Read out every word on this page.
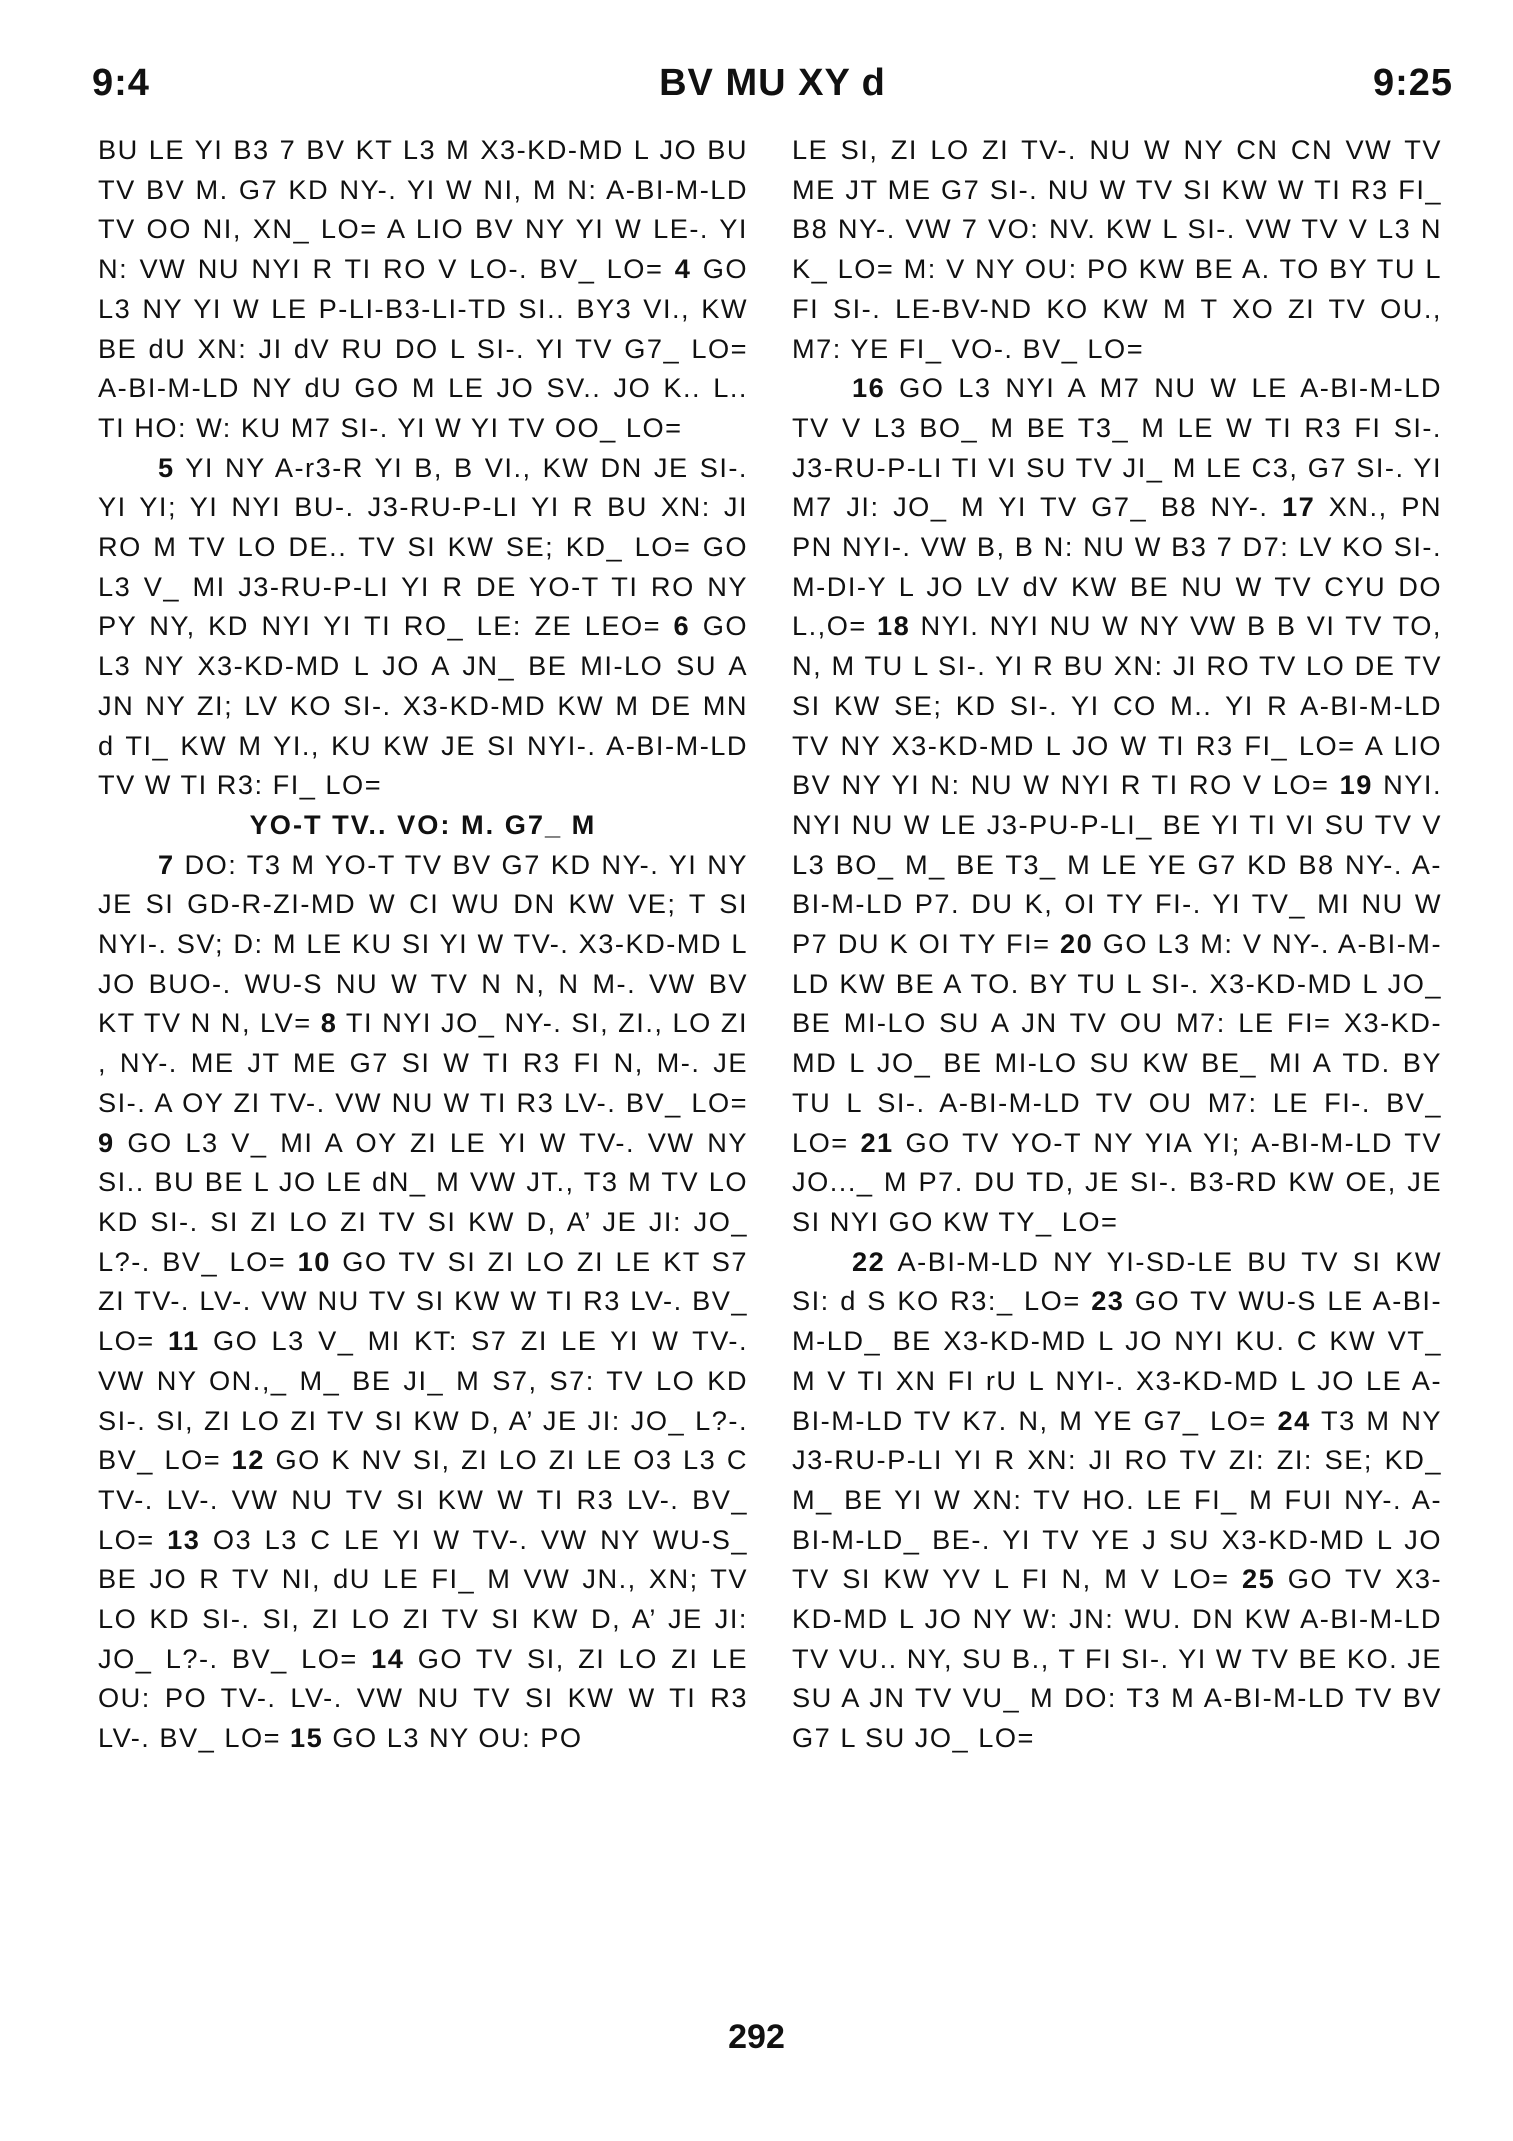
BV MU XY d
9:4	9:25

BU LE YI B3 7 BV KT L3 M X3-KD-MD L JO BU TV BV M. G7 KD NY-. YI W NI, M N: A-BI-M-LD TV OO NI, XN_ LO= A LIO BV NY YI W LE-. YI N: VW NU NYI R TI RO V LO-. BV_ LO= 4 GO L3 NY YI W LE P-LI-B3-LI-TD SI.. BY3 VI., KW BE dU XN: JI dV RU DO L SI-. YI TV G7_ LO= A-BI-M-LD NY dU GO M LE JO SV.. JO K.. L.. TI HO: W: KU M7 SI-. YI W YI TV OO_ LO=

5 YI NY A-r3-R YI B, B VI., KW DN JE SI-. YI YI; YI NYI BU-. J3-RU-P-LI YI R BU XN: JI RO M TV LO DE.. TV SI KW SE; KD_ LO= GO L3 V_ MI J3-RU-P-LI YI R DE YO-T TI RO NY PY NY, KD NYI YI TI RO_ LE: ZE LEO= 6 GO L3 NY X3-KD-MD L JO A JN_ BE MI-LO SU A JN NY ZI; LV KO SI-. X3-KD-MD KW M DE MN d TI_ KW M YI., KU KW JE SI NYI-. A-BI-M-LD TV W TI R3: FI_ LO=

YO-T TV.. VO: M. G7_ M

7 DO: T3 M YO-T TV BV G7 KD NY-. YI NY JE SI GD-R-ZI-MD W CI WU DN KW VE; T SI NYI-. SV; D: M LE KU SI YI W TV-. X3-KD-MD L JO BUO-. WU-S NU W TV N N, N M-. VW BV KT TV N N, LV= 8 TI NYI JO_ NY-. SI, ZI., LO ZI , NY-. ME JT ME G7 SI W TI R3 FI N, M-. JE SI-. A OY ZI TV-. VW NU W TI R3 LV-. BV_ LO= 9 GO L3 V_ MI A OY ZI LE YI W TV-. VW NY SI.. BU BE L JO LE dN_ M VW JT., T3 M TV LO KD SI-. SI ZI LO ZI TV SI KW D, A’ JE JI: JO_ L?-. BV_ LO= 10 GO TV SI ZI LO ZI LE KT S7 ZI TV-. LV-. VW NU TV SI KW W TI R3 LV-. BV_ LO= 11 GO L3 V_ MI KT: S7 ZI LE YI W TV-. VW NY ON.,_ M_ BE JI_ M S7, S7: TV LO KD SI-. SI, ZI LO ZI TV SI KW D, A’ JE JI: JO_ L?-. BV_ LO= 12 GO K NV SI, ZI LO ZI LE O3 L3 C TV-. LV-. VW NU TV SI KW W TI R3 LV-. BV_ LO= 13 O3 L3 C LE YI W TV-. VW NY WU-S_ BE JO R TV NI, dU LE FI_ M VW JN., XN; TV LO KD SI-. SI, ZI LO ZI TV SI KW D, A’ JE JI: JO_ L?-. BV_ LO= 14 GO TV SI, ZI LO ZI LE OU: PO TV-. LV-. VW NU TV SI KW W TI R3 LV-. BV_ LO= 15 GO L3 NY OU: PO

LE SI, ZI LO ZI TV-. NU W NY CN CN VW TV ME JT ME G7 SI-. NU W TV SI KW W TI R3 FI_ B8 NY-. VW 7 VO: NV. KW L SI-. VW TV V L3 N K_ LO= M: V NY OU: PO KW BE A. TO BY TU L FI SI-. LE-BV-ND KO KW M T XO ZI TV OU., M7: YE FI_ VO-. BV_ LO=

16 GO L3 NYI A M7 NU W LE A-BI-M-LD TV V L3 BO_ M BE T3_ M LE W TI R3 FI SI-. J3-RU-P-LI TI VI SU TV JI_ M LE C3, G7 SI-. YI M7 JI: JO_ M YI TV G7_ B8 NY-. 17 XN., PN PN NYI-. VW B, B N: NU W B3 7 D7: LV KO SI-. M-DI-Y L JO LV dV KW BE NU W TV CYU DO L.,O= 18 NYI. NYI NU W NY VW B B VI TV TO, N, M TU L SI-. YI R BU XN: JI RO TV LO DE TV SI KW SE; KD SI-. YI CO M.. YI R A-BI-M-LD TV NY X3-KD-MD L JO W TI R3 FI_ LO= A LIO BV NY YI N: NU W NYI R TI RO V LO= 19 NYI. NYI NU W LE J3-PU-P-LI_ BE YI TI VI SU TV V L3 BO_ M_ BE T3_ M LE YE G7 KD B8 NY-. A-BI-M-LD P7. DU K, OI TY FI-. YI TV_ MI NU W P7 DU K OI TY FI= 20 GO L3 M: V NY-. A-BI-M-LD KW BE A TO. BY TU L SI-. X3-KD-MD L JO_ BE MI-LO SU A JN TV OU M7: LE FI= X3-KD-MD L JO_ BE MI-LO SU KW BE_ MI A TD. BY TU L SI-. A-BI-M-LD TV OU M7: LE FI-. BV_ LO= 21 GO TV YO-T NY YIA YI; A-BI-M-LD TV JO..._ M P7. DU TD, JE SI-. B3-RD KW OE, JE SI NYI GO KW TY_ LO=

22 A-BI-M-LD NY YI-SD-LE BU TV SI KW SI: d S KO R3:_ LO= 23 GO TV WU-S LE A-BI-M-LD_ BE X3-KD-MD L JO NYI KU. C KW VT_ M V TI XN FI rU L NYI-. X3-KD-MD L JO LE A-BI-M-LD TV K7. N, M YE G7_ LO= 24 T3 M NY J3-RU-P-LI YI R XN: JI RO TV ZI: ZI: SE; KD_ M_ BE YI W XN: TV HO. LE FI_ M FUI NY-. A-BI-M-LD_ BE-. YI TV YE J SU X3-KD-MD L JO TV SI KW YV L FI N, M V LO= 25 GO TV X3-KD-MD L JO NY W: JN: WU. DN KW A-BI-M-LD TV VU.. NY, SU B., T FI SI-. YI W TV BE KO. JE SU A JN TV VU_ M DO: T3 M A-BI-M-LD TV BV G7 L SU JO_ LO=

292
